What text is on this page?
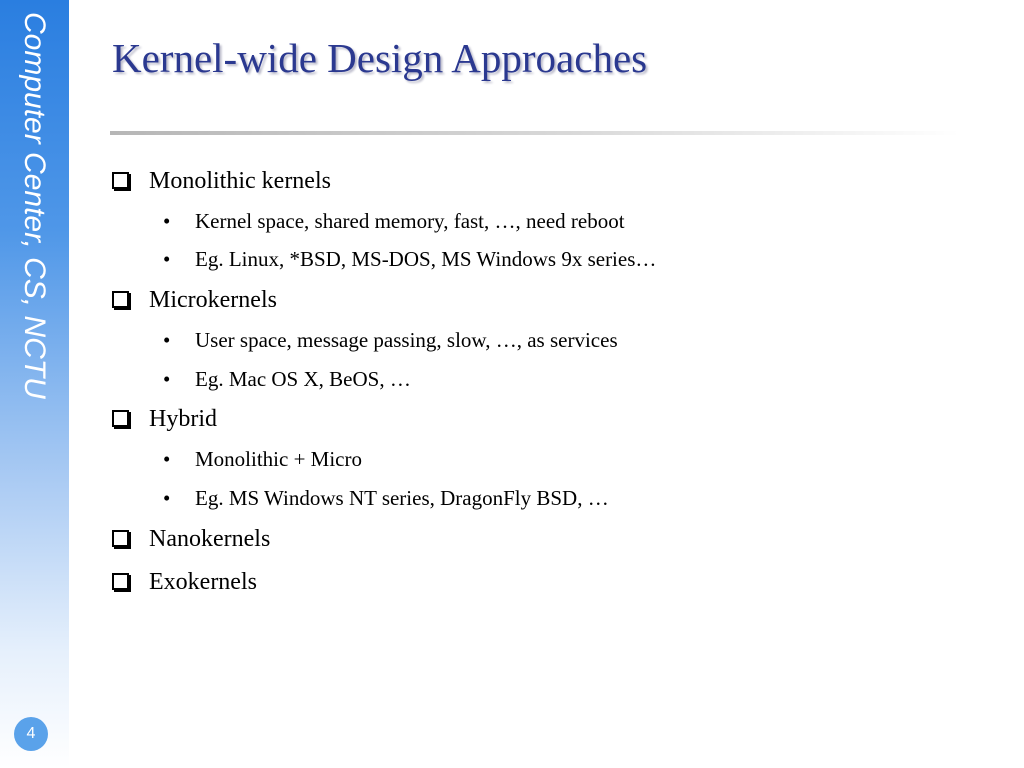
Computer Center, CS, NCTU
4
Kernel-wide Design Approaches
Monolithic kernels
• Kernel space, shared memory, fast, …, need reboot
• Eg. Linux, *BSD, MS-DOS, MS Windows 9x series…
Microkernels
• User space, message passing, slow, …, as services
• Eg. Mac OS X, BeOS, …
Hybrid
• Monolithic + Micro
• Eg. MS Windows NT series, DragonFly BSD, …
Nanokernels
Exokernels
